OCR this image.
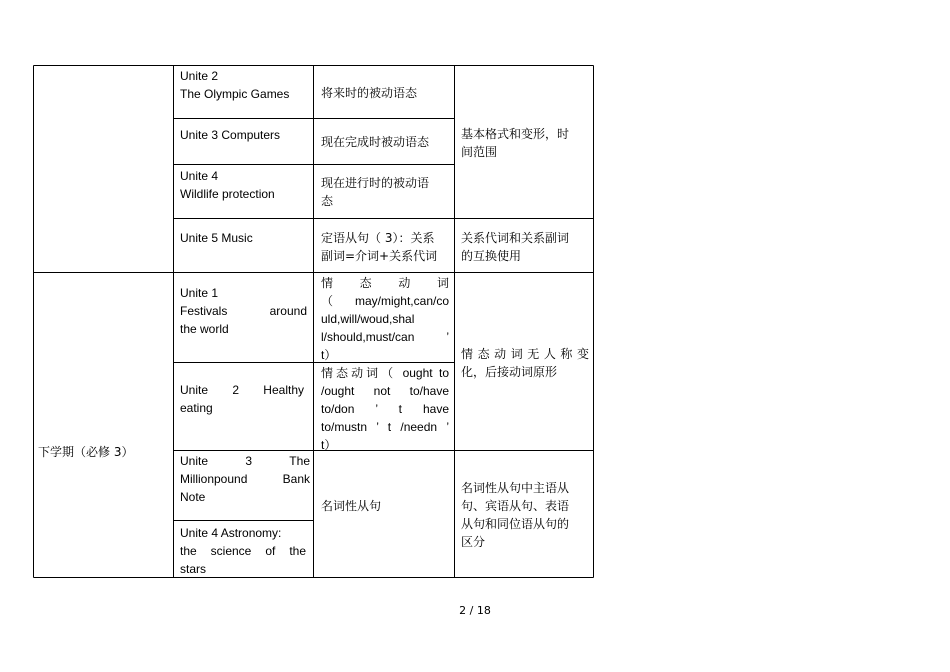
下学期（必修 3）
Unite 2
The Olympic Games
Unite 3 Computers
Unite 4
Wildlife protection
Unite 5 Music
将来时的被动语态
现在完成时被动语态
现在进行时的被动语
态
定语从句（ 3）：关系
副词=介词+关系代词
基本格式和变形，时
间范围
关系代词和关系副词
的互换使用
Unite 1
Festivals around
the world
Unite 2 Healthy
eating
Unite 3 The
Millionpound Bank
Note
Unite 4 Astronomy:
the science of the
stars
情 态 动 词
（ may/might,can/co
uld,will/woud,shal
l/should,must/can ’
t）
情态动词（ ought to
/ought not to/have
to/don ’ t have
to/mustn ’ t /needn ’
t）
名词性从句
情态动词无人称变
化，后接动词原形
名词性从句中主语从
句、宾语从句、表语
从句和同位语从句的
区分
2 / 18
